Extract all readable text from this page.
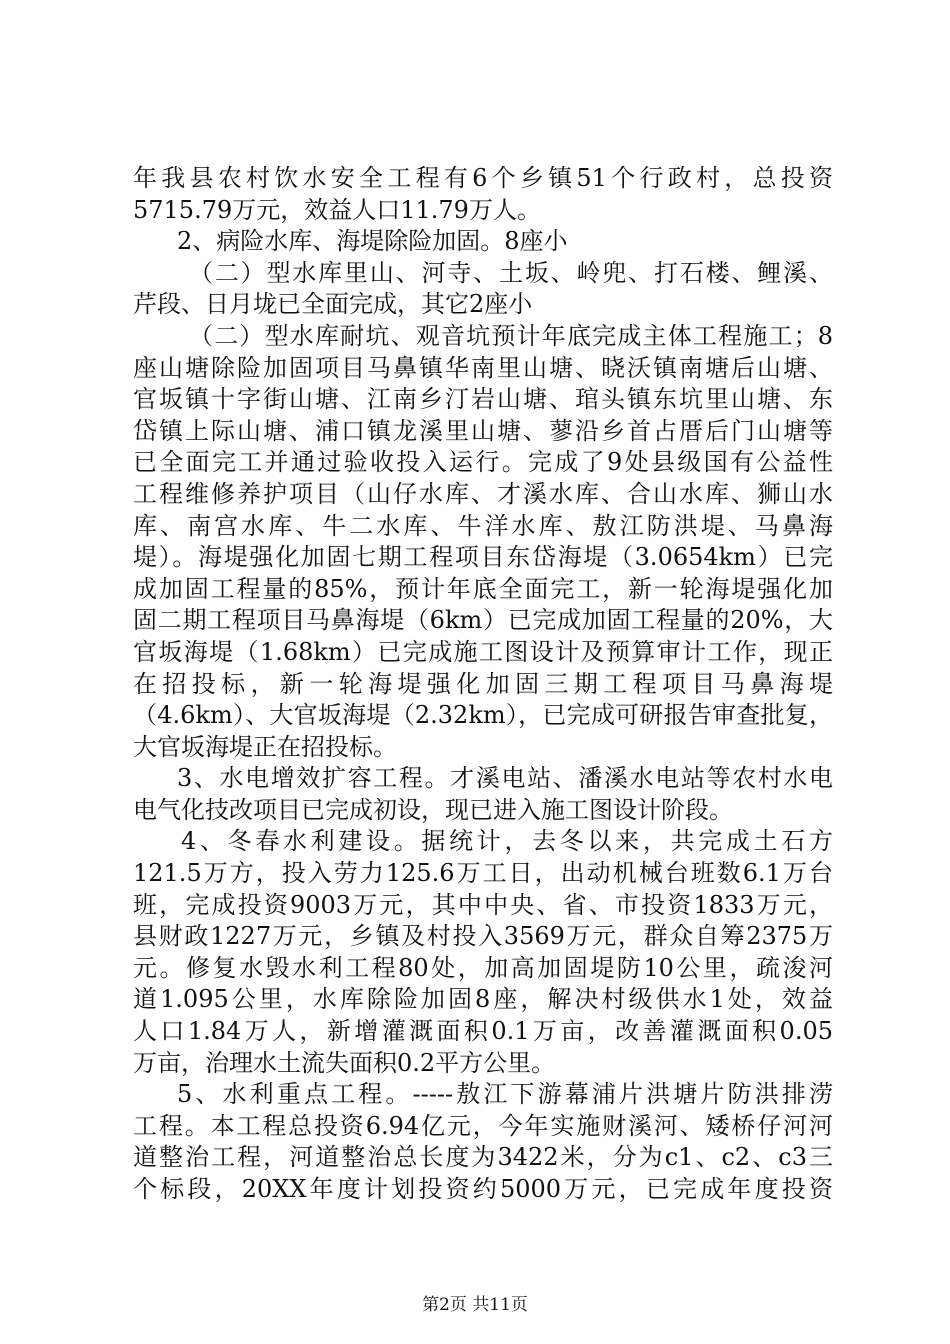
年我县农村饮水安全工程有6个乡镇51个行政村，总投资
5715.79万元，效益人口11.79万人。
2、病险水库、海堤除险加固。8座小
（二）型水库里山、河寺、土坂、岭兜、打石楼、鲤溪、
芹段、日月垅已全面完成，其它2座小
（二）型水库耐坑、观音坑预计年底完成主体工程施工；8
座山塘除险加固项目马鼻镇华南里山塘、晓沃镇南塘后山塘、
官坂镇十字街山塘、江南乡汀岩山塘、琯头镇东坑里山塘、东
岱镇上际山塘、浦口镇龙溪里山塘、蓼沿乡首占厝后门山塘等
已全面完工并通过验收投入运行。完成了9处县级国有公益性
工程维修养护项目（山仔水库、才溪水库、合山水库、狮山水
库、南宫水库、牛二水库、牛洋水库、敖江防洪堤、马鼻海
堤）。海堤强化加固七期工程项目东岱海堤（3.0654km）已完
成加固工程量的85%，预计年底全面完工，新一轮海堤强化加
固二期工程项目马鼻海堤（6km）已完成加固工程量的20%，大
官坂海堤（1.68km）已完成施工图设计及预算审计工作，现正
在招投标，新一轮海堤强化加固三期工程项目马鼻海堤
（4.6km）、大官坂海堤（2.32km），已完成可研报告审查批复，
大官坂海堤正在招投标。
3、水电增效扩容工程。才溪电站、潘溪水电站等农村水电
电气化技改项目已完成初设，现已进入施工图设计阶段。
4、冬春水利建设。据统计，去冬以来，共完成土石方
121.5万方，投入劳力125.6万工日，出动机械台班数6.1万台
班，完成投资9003万元，其中中央、省、市投资1833万元，
县财政1227万元，乡镇及村投入3569万元，群众自筹2375万
元。修复水毁水利工程80处，加高加固堤防10公里，疏浚河
道1.095公里，水库除险加固8座，解决村级供水1处，效益
人口1.84万人，新增灌溉面积0.1万亩，改善灌溉面积0.05
万亩，治理水土流失面积0.2平方公里。
5、水利重点工程。-----敖江下游幕浦片洪塘片防洪排涝
工程。本工程总投资6.94亿元，今年实施财溪河、矮桥仔河河
道整治工程，河道整治总长度为3422米，分为c1、c2、c3三
个标段，20XX年度计划投资约5000万元，已完成年度投资
第2页 共11页
